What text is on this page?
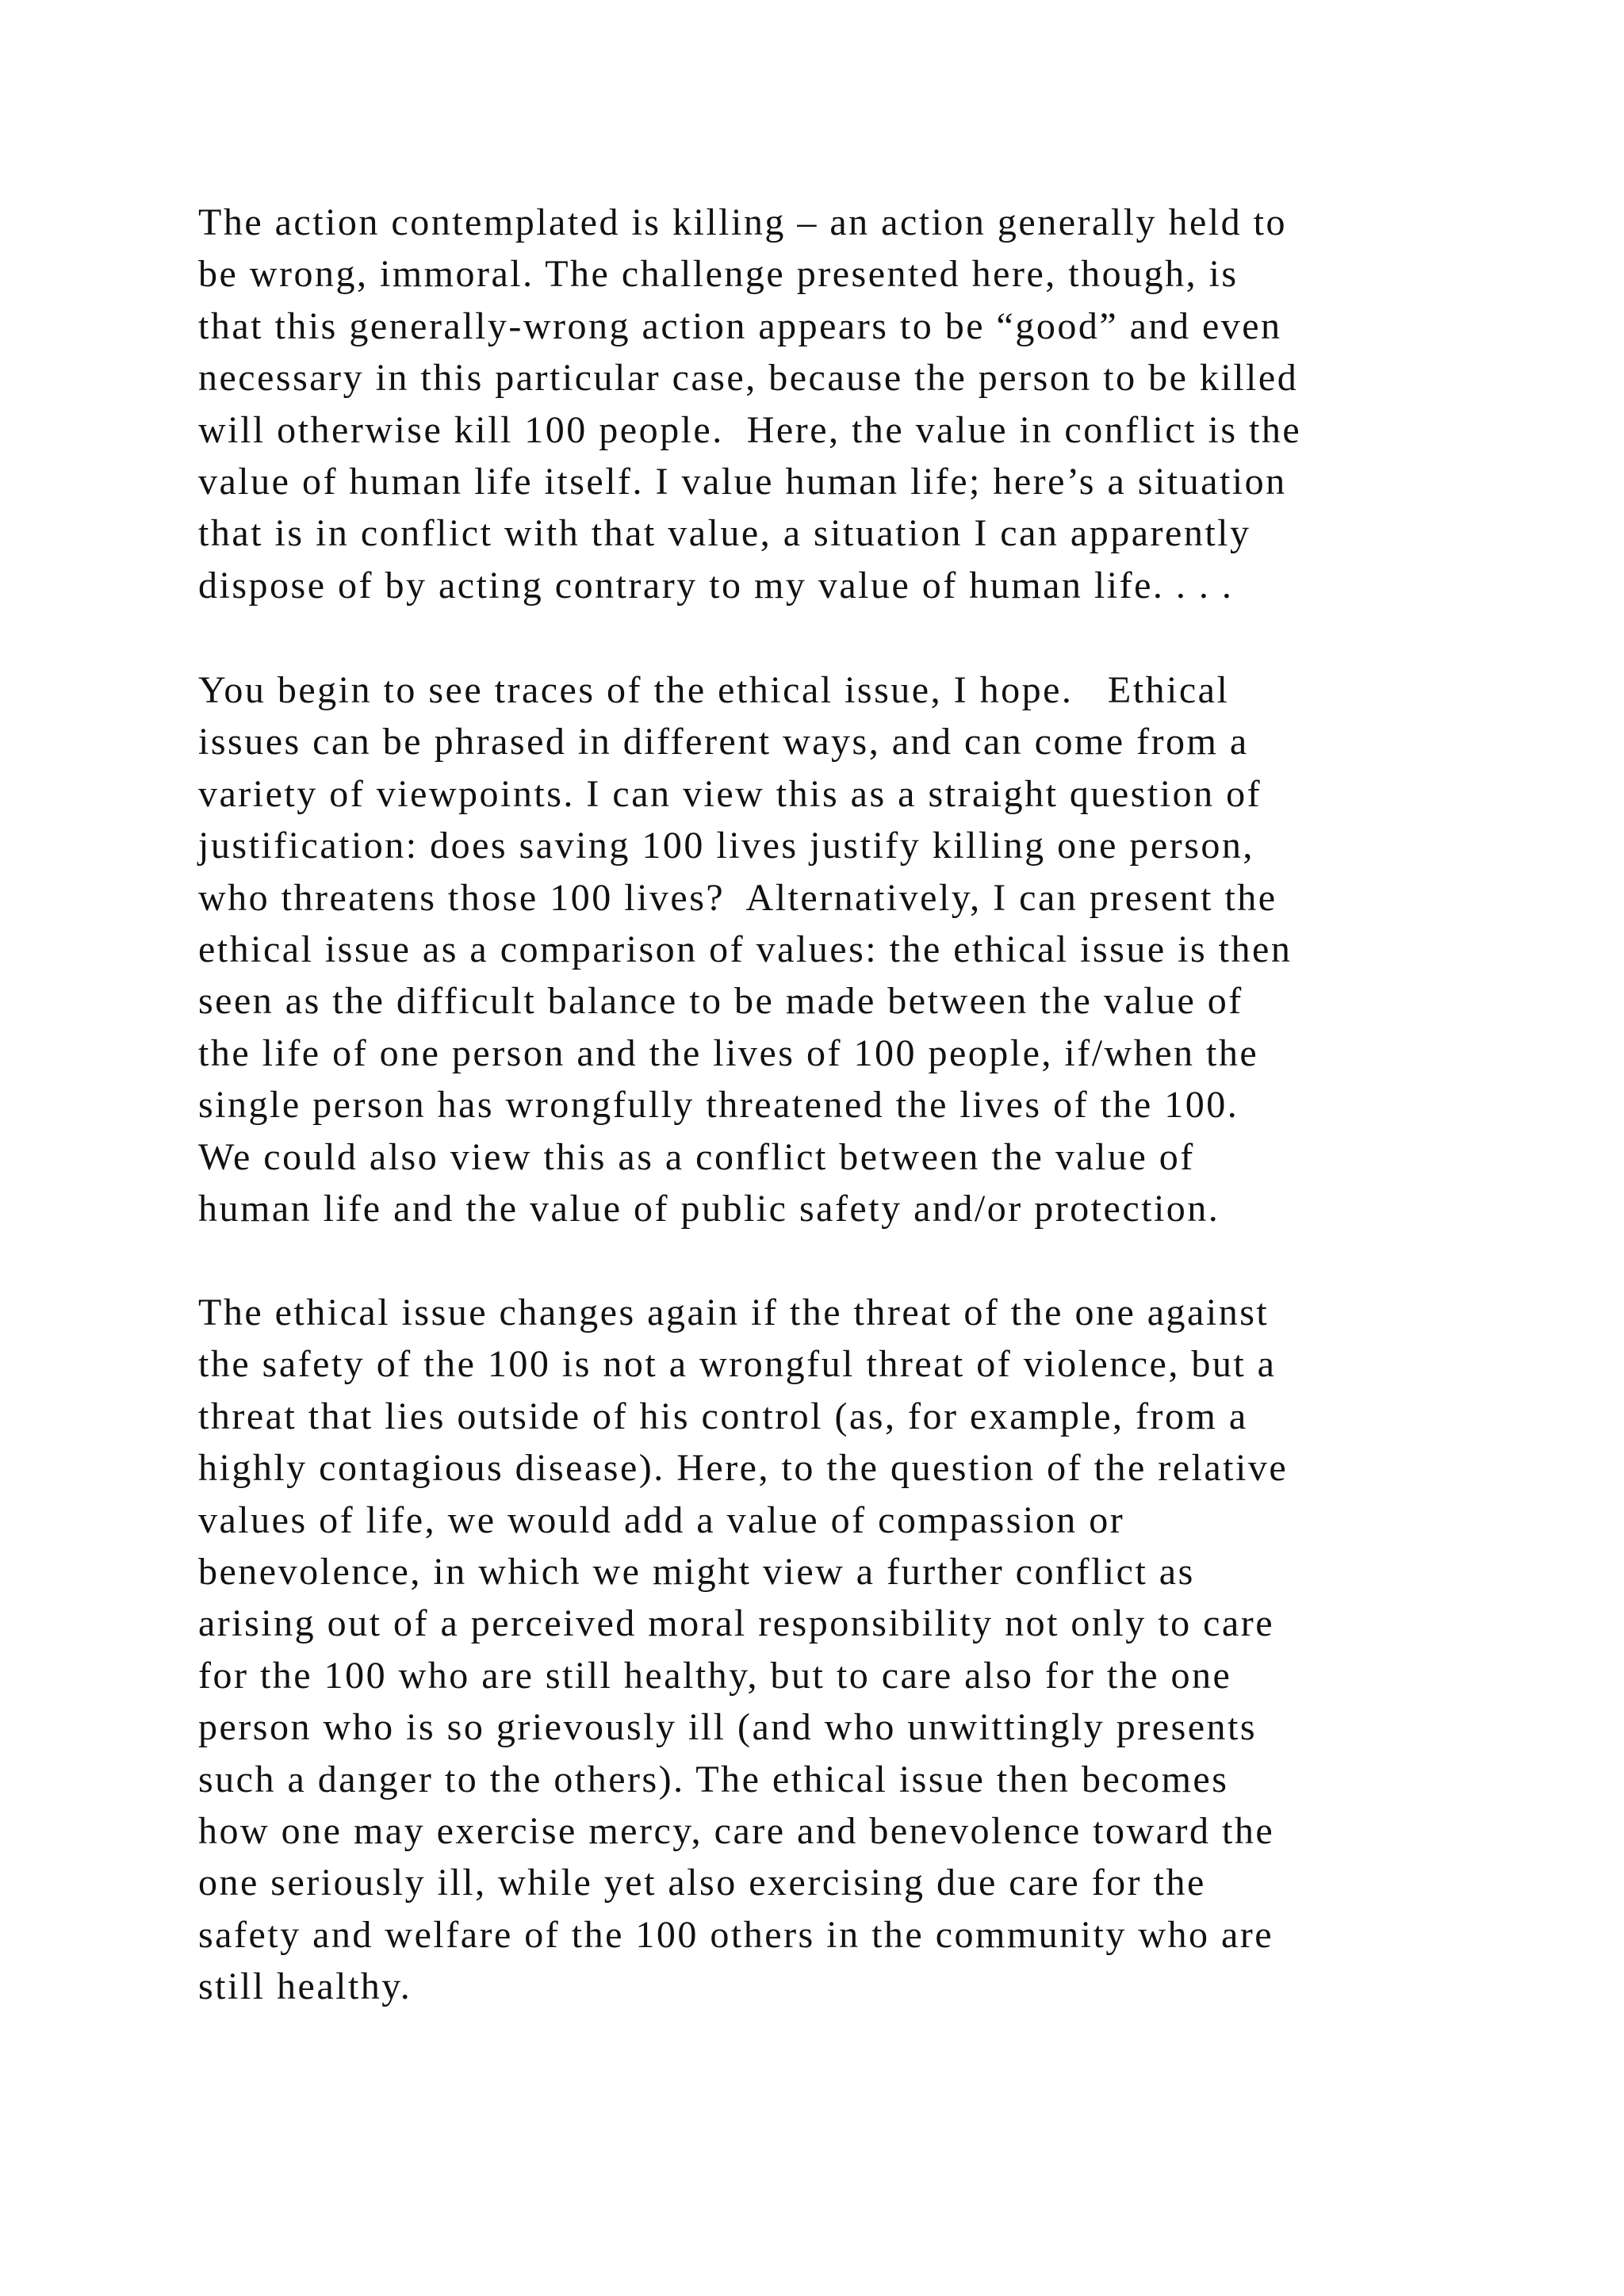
The action contemplated is killing – an action generally held to
be wrong, immoral. The challenge presented here, though, is
that this generally-wrong action appears to be “good” and even
necessary in this particular case, because the person to be killed
will otherwise kill 100 people.  Here, the value in conflict is the
value of human life itself. I value human life; here’s a situation
that is in conflict with that value, a situation I can apparently
dispose of by acting contrary to my value of human life. . . .
You begin to see traces of the ethical issue, I hope.   Ethical
issues can be phrased in different ways, and can come from a
variety of viewpoints. I can view this as a straight question of
justification: does saving 100 lives justify killing one person,
who threatens those 100 lives?  Alternatively, I can present the
ethical issue as a comparison of values: the ethical issue is then
seen as the difficult balance to be made between the value of
the life of one person and the lives of 100 people, if/when the
single person has wrongfully threatened the lives of the 100.
We could also view this as a conflict between the value of
human life and the value of public safety and/or protection.
The ethical issue changes again if the threat of the one against
the safety of the 100 is not a wrongful threat of violence, but a
threat that lies outside of his control (as, for example, from a
highly contagious disease). Here, to the question of the relative
values of life, we would add a value of compassion or
benevolence, in which we might view a further conflict as
arising out of a perceived moral responsibility not only to care
for the 100 who are still healthy, but to care also for the one
person who is so grievously ill (and who unwittingly presents
such a danger to the others). The ethical issue then becomes
how one may exercise mercy, care and benevolence toward the
one seriously ill, while yet also exercising due care for the
safety and welfare of the 100 others in the community who are
still healthy.
